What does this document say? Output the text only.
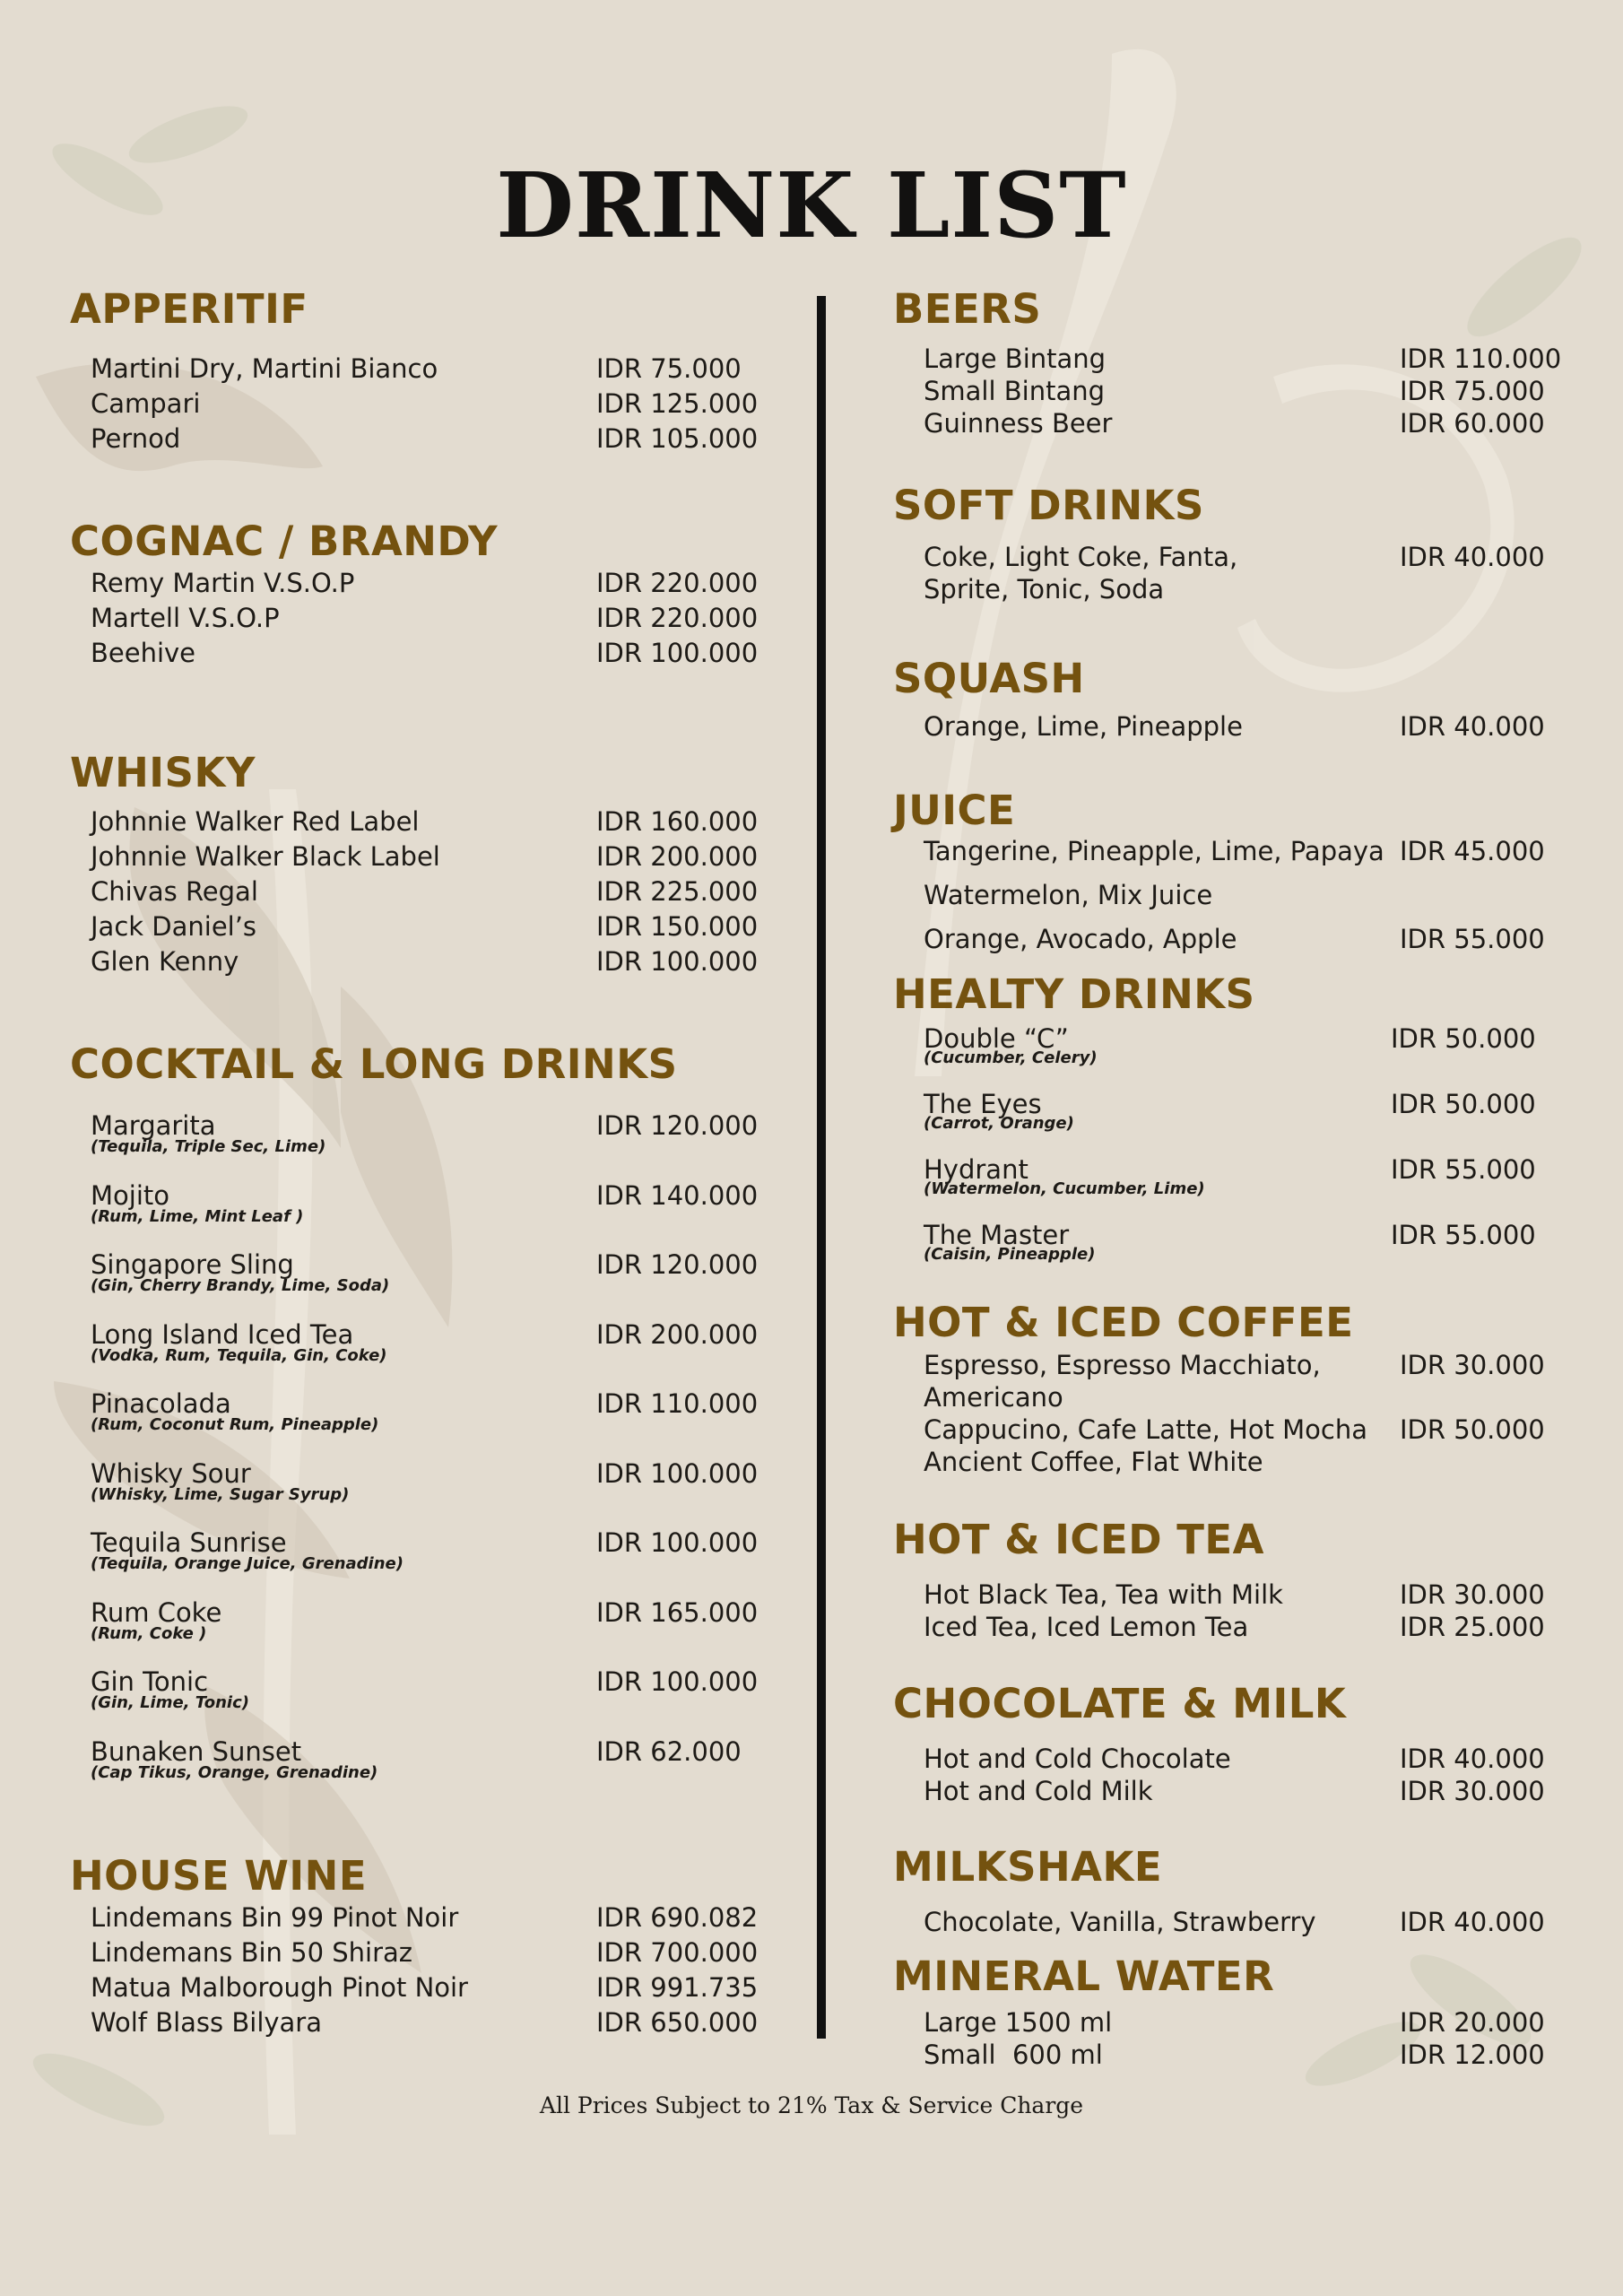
DRINK LIST
APPERITIF
Martini Dry, Martini Bianco	IDR 75.000
Campari	IDR 125.000
Pernod	IDR 105.000
COGNAC / BRANDY
Remy Martin V.S.O.P	IDR 220.000
Martell V.S.O.P	IDR 220.000
Beehive	IDR 100.000
WHISKY
Johnnie Walker Red Label	IDR 160.000
Johnnie Walker Black Label	IDR 200.000
Chivas Regal	IDR 225.000
Jack Daniel’s	IDR 150.000
Glen Kenny	IDR 100.000
COCKTAIL & LONG DRINKS
Margarita
(Tequila, Triple Sec, Lime)
IDR 120.000
Mojito
(Rum, Lime, Mint Leaf )
IDR 140.000
Singapore Sling
(Gin, Cherry Brandy, Lime, Soda)
IDR 120.000
Long Island Iced Tea
(Vodka, Rum, Tequila, Gin, Coke)
IDR 200.000
Pinacolada
(Rum, Coconut Rum, Pineapple)
IDR 110.000
Whisky Sour
(Whisky, Lime, Sugar Syrup)
IDR 100.000
Tequila Sunrise
(Tequila, Orange Juice, Grenadine)
IDR 100.000
Rum Coke
(Rum, Coke )
IDR 165.000
Gin Tonic
(Gin, Lime, Tonic)
IDR 100.000
Bunaken Sunset
(Cap Tikus, Orange, Grenadine)
IDR 62.000
HOUSE WINE
Lindemans Bin 99 Pinot Noir	IDR 690.082
Lindemans Bin 50 Shiraz	IDR 700.000
Matua Malborough Pinot Noir	IDR 991.735
Wolf Blass Bilyara	IDR 650.000
BEERS
Large Bintang	IDR 110.000
Small Bintang	IDR 75.000
Guinness Beer	IDR 60.000
SOFT DRINKS
Coke, Light Coke, Fanta,	IDR 40.000
Sprite, Tonic, Soda
SQUASH
Orange, Lime, Pineapple	IDR 40.000
JUICE
Tangerine, Pineapple, Lime, Papaya IDR 45.000
Watermelon, Mix Juice
Orange, Avocado, Apple	IDR 55.000
HEALTY DRINKS
Double “C”
(Cucumber, Celery)
IDR 50.000
The Eyes
(Carrot, Orange)
IDR 50.000
Hydrant
(Watermelon, Cucumber, Lime)
IDR 55.000
The Master
(Caisin, Pineapple)
IDR 55.000
HOT & ICED COFFEE
Espresso, Espresso Macchiato,	IDR 30.000
Americano
Cappucino, Cafe Latte, Hot Mocha	IDR 50.000
Ancient Coffee, Flat White
HOT & ICED TEA
Hot Black Tea, Tea with Milk	IDR 30.000
Iced Tea, Iced Lemon Tea	IDR 25.000
CHOCOLATE & MILK
Hot and Cold Chocolate	IDR 40.000
Hot and Cold Milk	IDR 30.000
MILKSHAKE
Chocolate, Vanilla, Strawberry	IDR 40.000
MINERAL WATER
Large 1500 ml	IDR 20.000
Small  600 ml	IDR 12.000
All Prices Subject to 21% Tax & Service Charge
